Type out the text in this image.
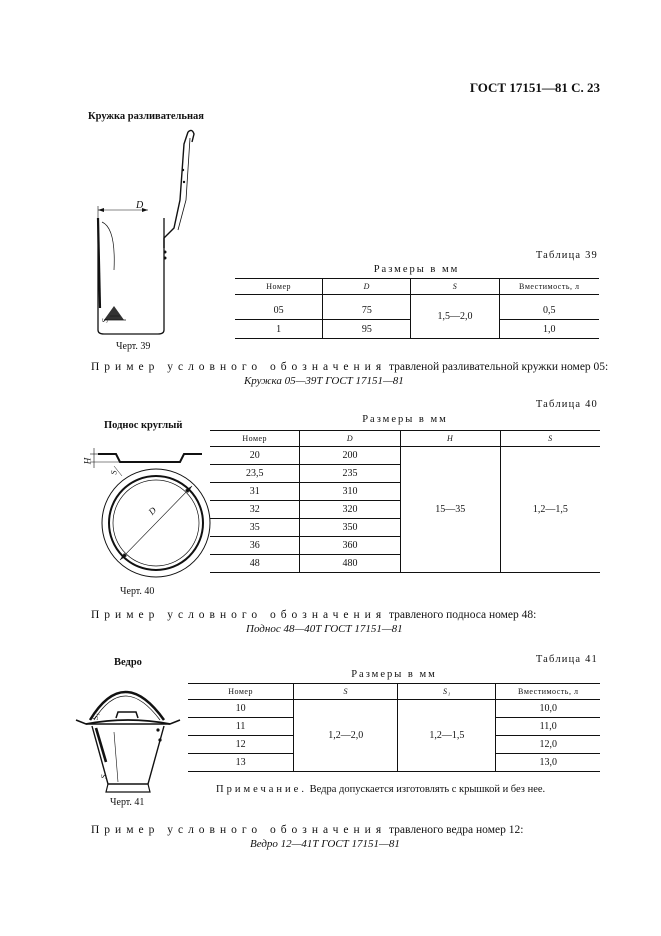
ГОСТ 17151—81 С. 23
Кружка разливательная
D
S
Черт. 39
Таблица 39
Размеры в мм
Номер	D	S	Вместимость, л
05	75	1,5—2,0	0,5
1	95		1,0
Пример условного обозначения травленой разливательной кружки номер 05:
Кружка 05—39Т ГОСТ 17151—81
Таблица 40
Поднос круглый
Размеры в мм
H
S
D
Черт. 40
Номер	D	H	S
20	200	15—35	1,2—1,5
23,5	235		
31	310		
32	320		
35	350		
36	360		
48	480		
Пример условного обозначения травленого подноса номер 48:
Поднос 48—40Т ГОСТ 17151—81
Таблица 41
Ведро
Размеры в мм
S₁
S
Черт. 41
Номер	S	S₁	Вместимость, л
10	1,2—2,0	1,2—1,5	10,0
11			11,0
12			12,0
13			13,0
Примечание. Ведра допускается изготовлять с крышкой и без нее.
Пример условного обозначения травленого ведра номер 12:
Ведро 12—41Т ГОСТ 17151—81
